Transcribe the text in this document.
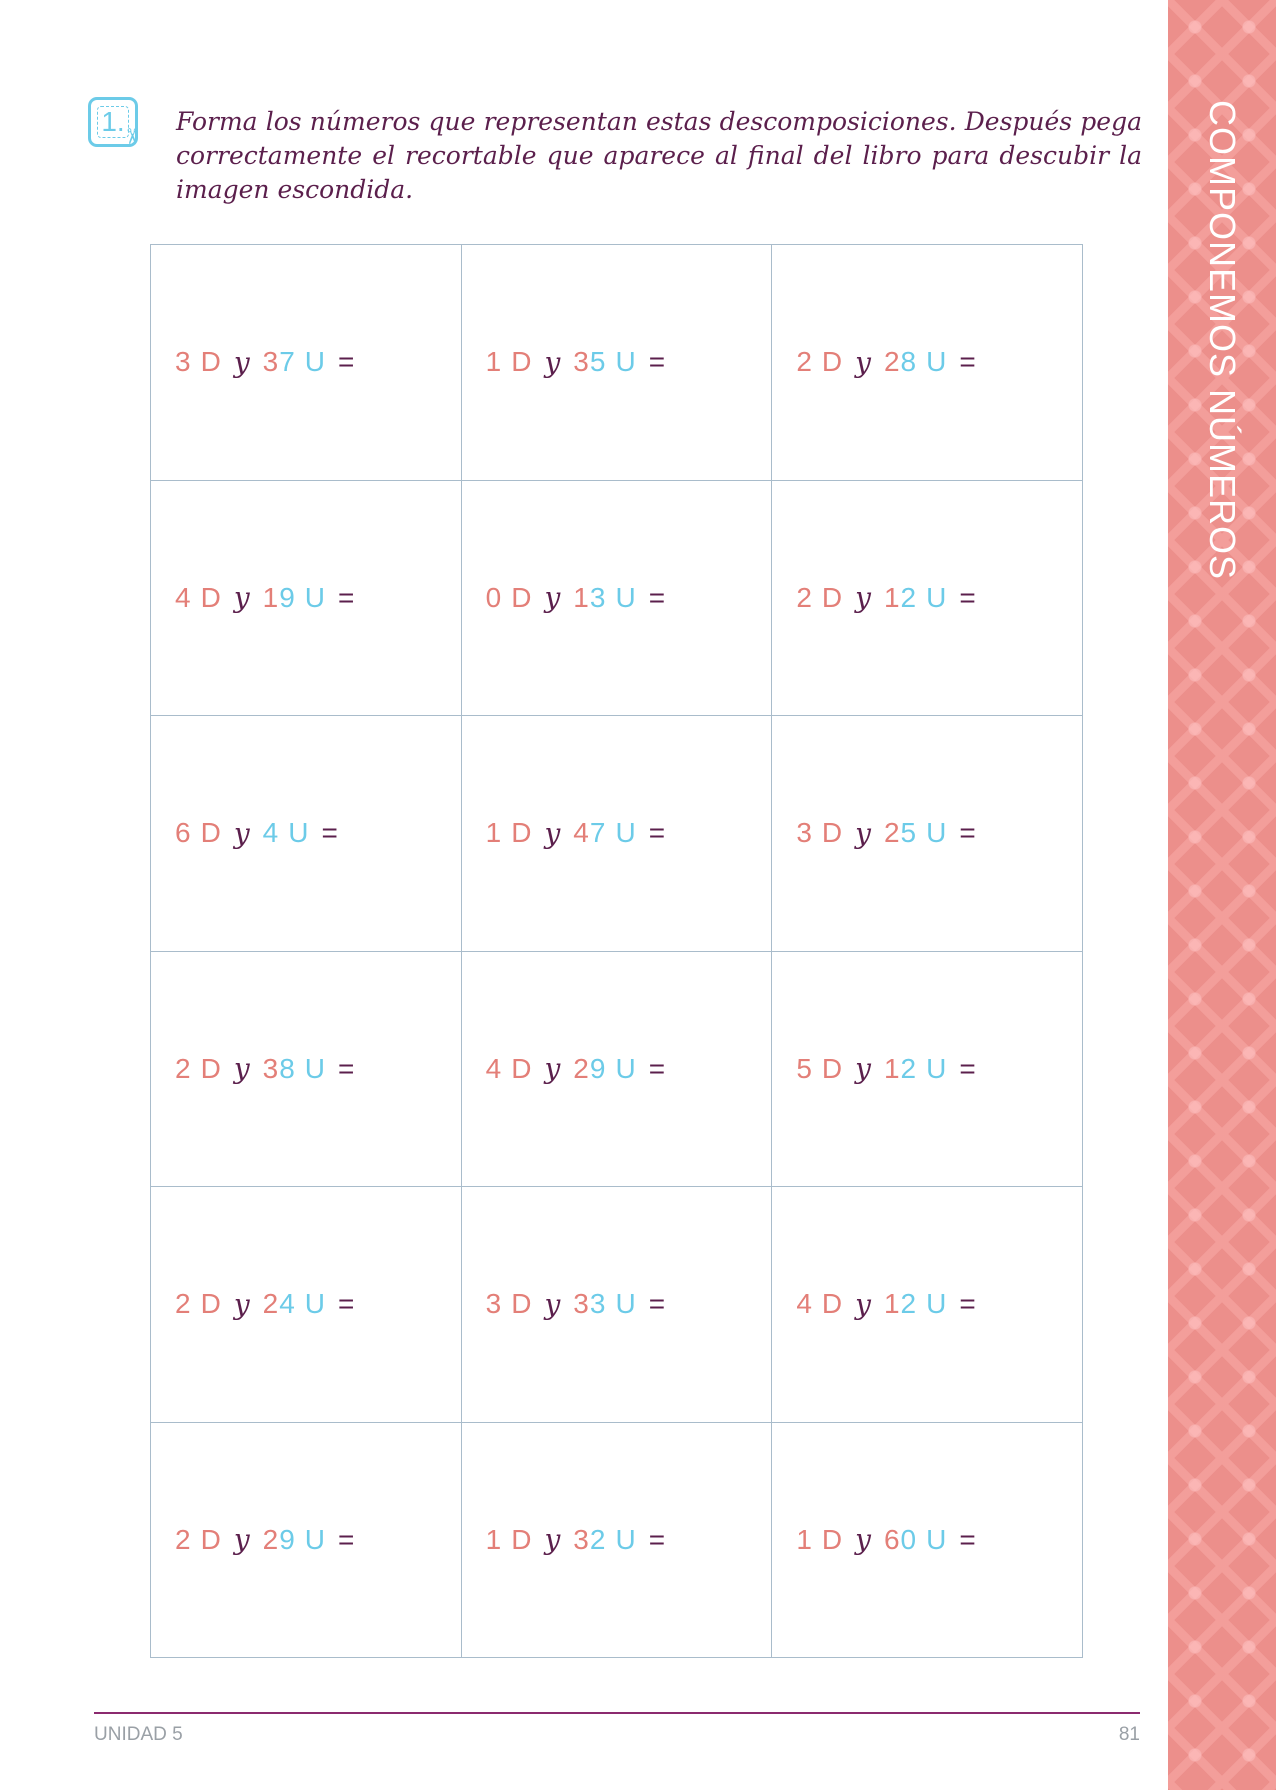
COMPONEMOS NÚMEROS
1.
✂
Forma los números que representan estas descomposiciones. Después pega correctamente el recortable que aparece al final del libro para descubir la imagen escondida.
3 D y 3 7 U =	1 D y 3 5 U =	2 D y 2 8 U =
4 D y 1 9 U =	0 D y 1 3 U =	2 D y 1 2 U =
6 D y 4 U =	1 D y 4 7 U =	3 D y 2 5 U =
2 D y 3 8 U =	4 D y 2 9 U =	5 D y 1 2 U =
2 D y 2 4 U =	3 D y 3 3 U =	4 D y 1 2 U =
2 D y 2 9 U =	1 D y 3 2 U =	1 D y 6 0 U =
UNIDAD 5	81
